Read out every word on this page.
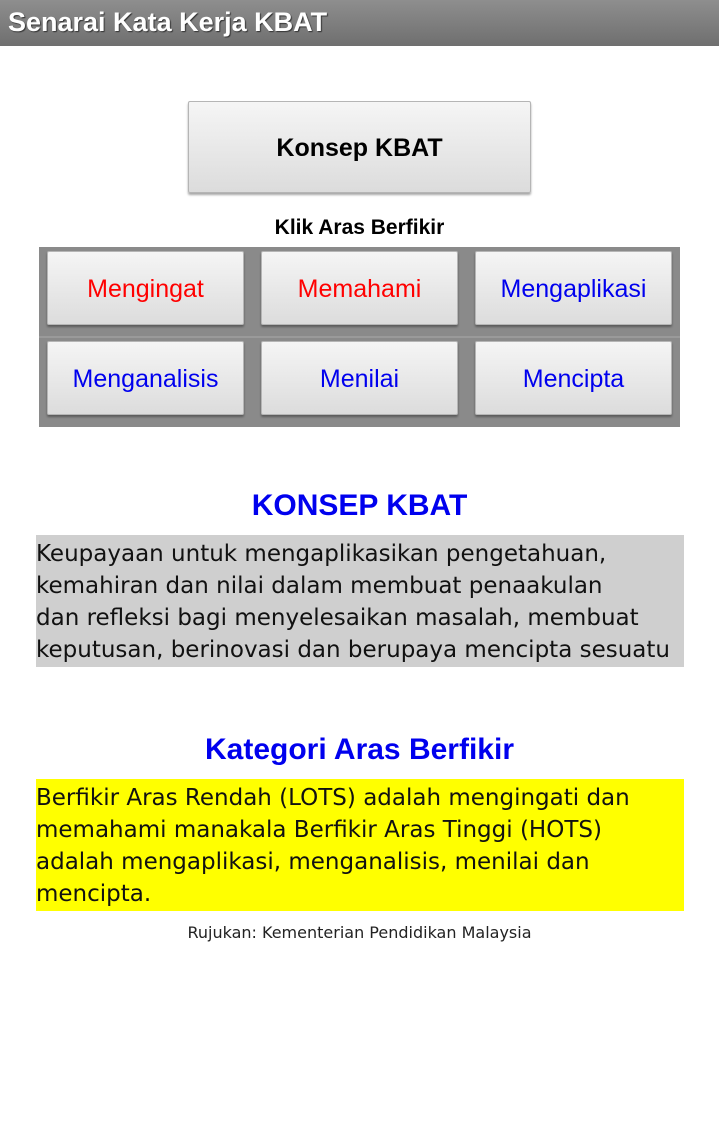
Senarai Kata Kerja KBAT
Konsep KBAT
Klik Aras Berfikir
Mengingat	Memahami	Mengaplikasi
Menganalisis	Menilai	Mencipta
KONSEP KBAT
Keupayaan untuk mengaplikasikan pengetahuan,
kemahiran dan nilai dalam membuat penaakulan
dan refleksi bagi menyelesaikan masalah, membuat
keputusan, berinovasi dan berupaya mencipta sesuatu
Kategori Aras Berfikir
Berfikir Aras Rendah (LOTS) adalah mengingati dan
memahami manakala Berfikir Aras Tinggi (HOTS)
adalah mengaplikasi, menganalisis, menilai dan
mencipta.
Rujukan: Kementerian Pendidikan Malaysia
